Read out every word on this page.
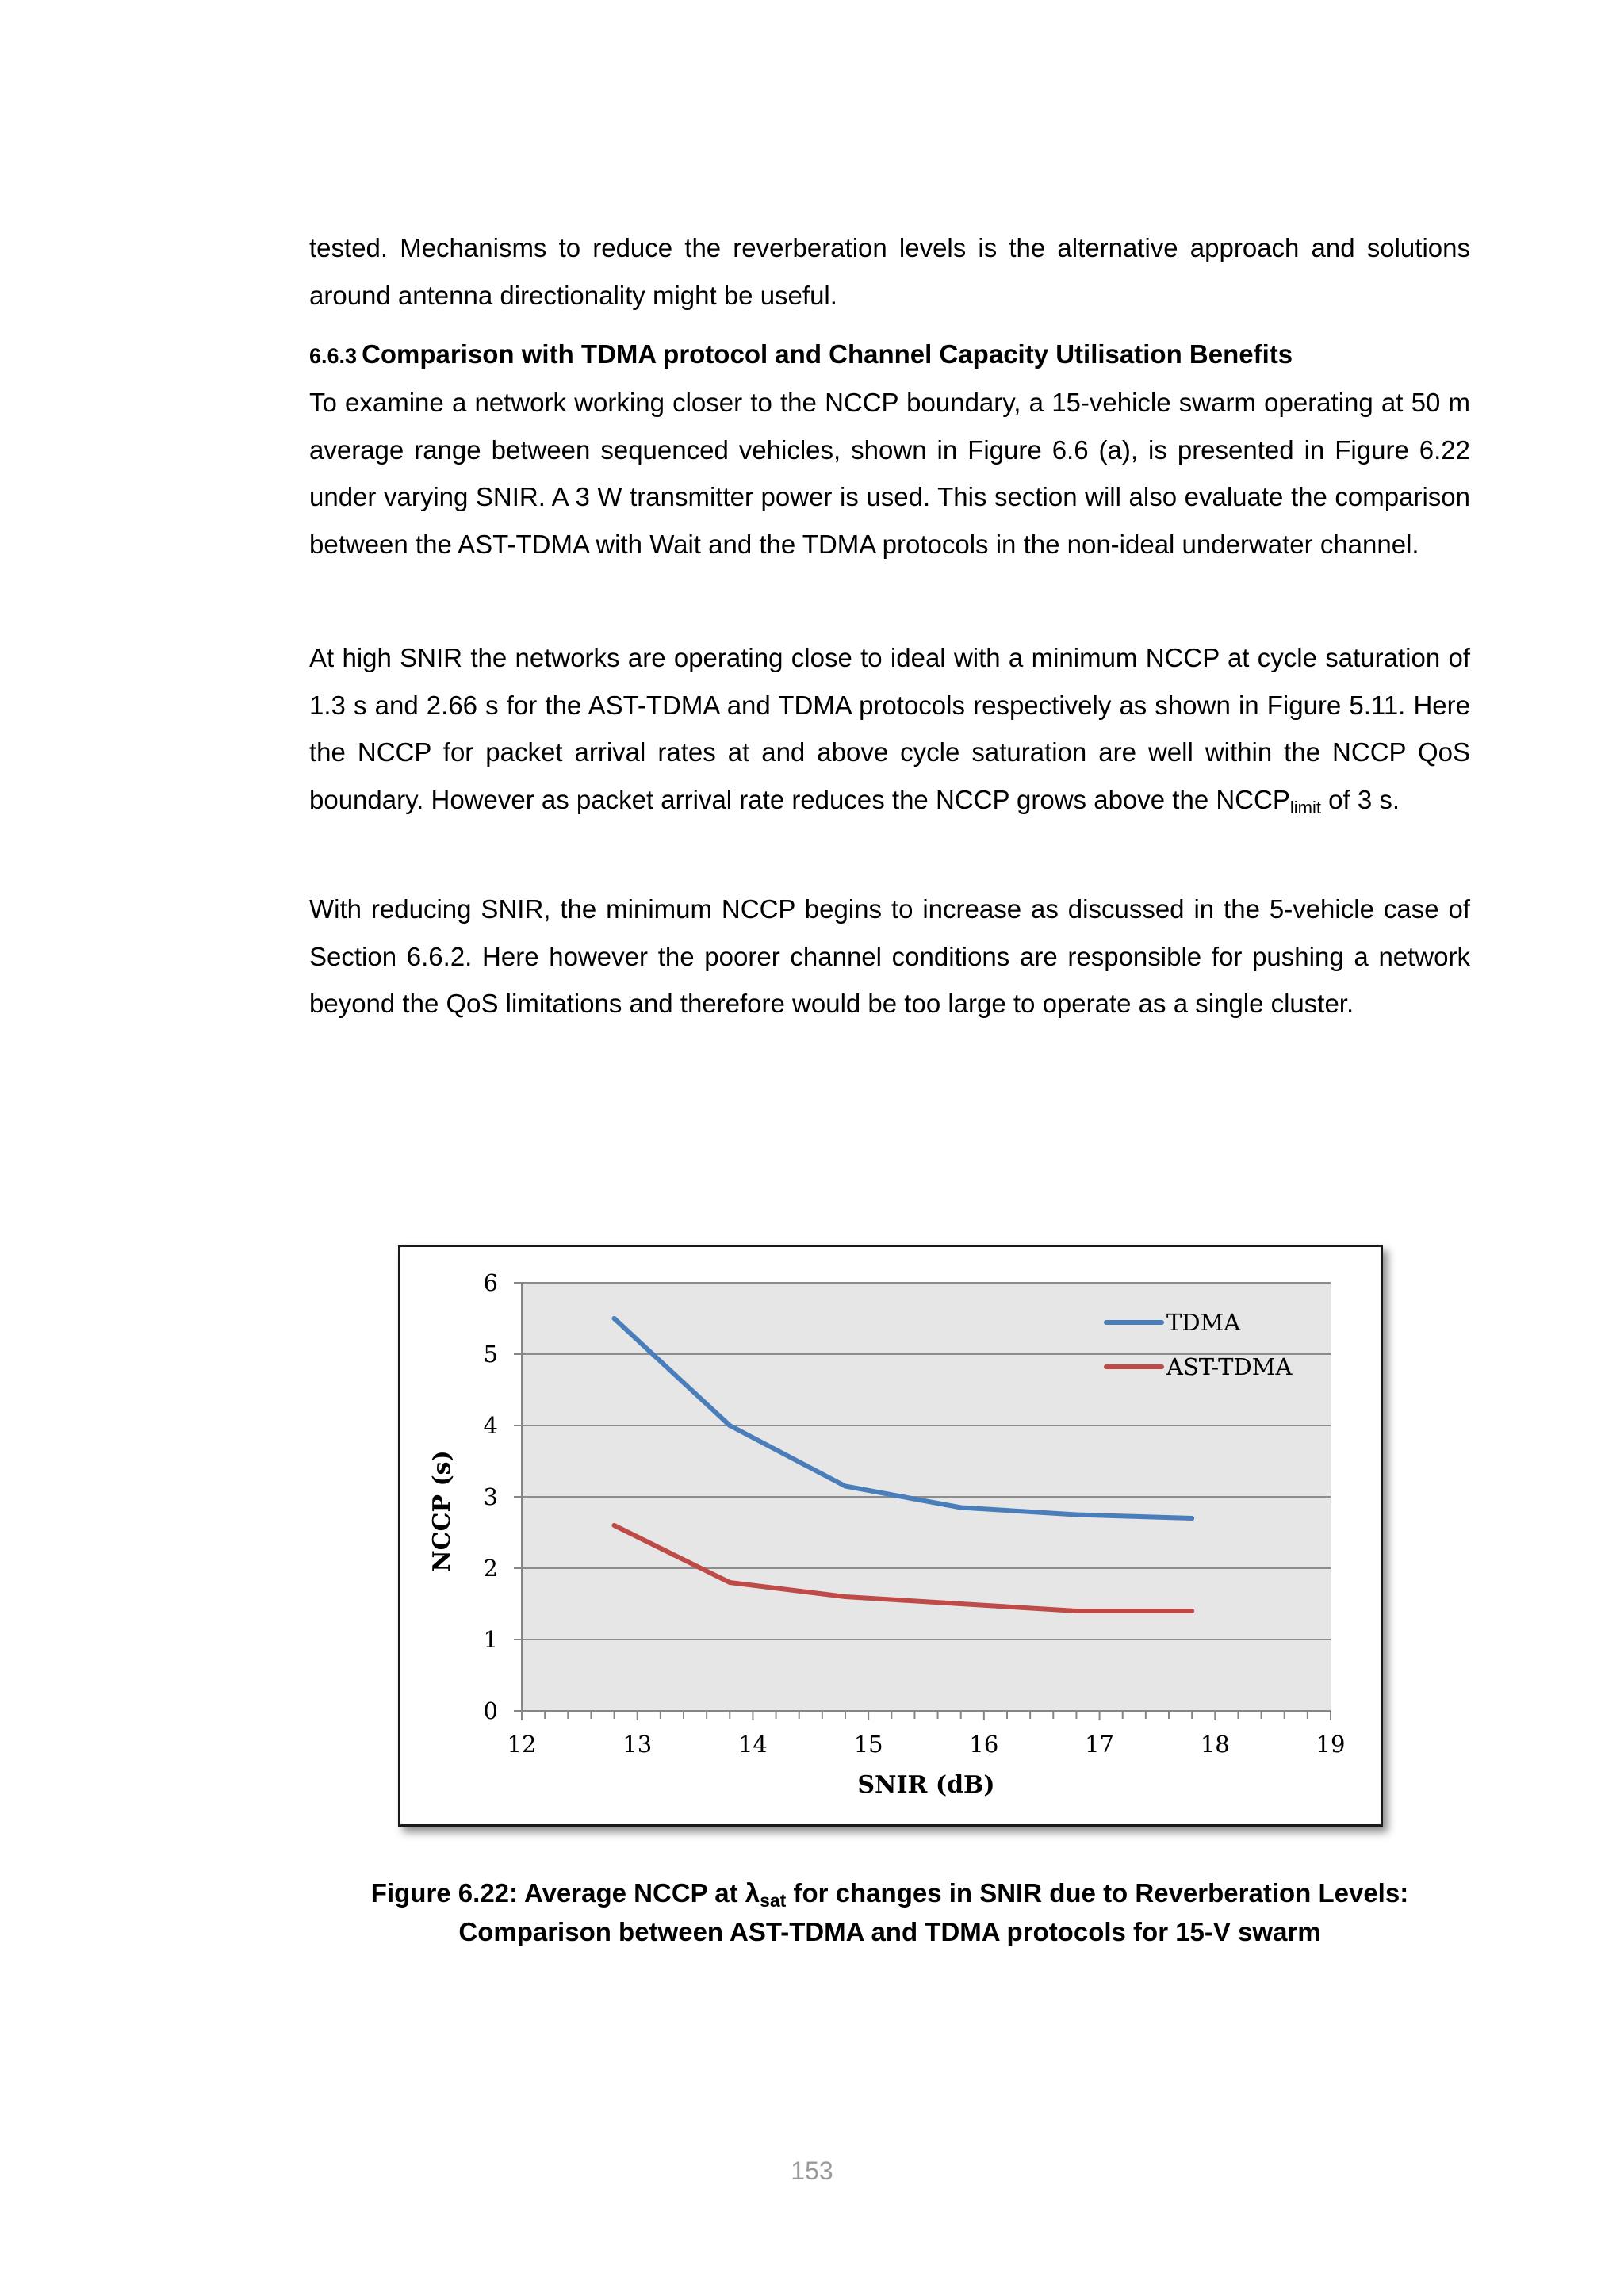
tested. Mechanisms to reduce the reverberation levels is the alternative approach and solutions

around antenna directionality might be useful.

6.6.3 Comparison with TDMA protocol and Channel Capacity Utilisation Benefits

To examine a network working closer to the NCCP boundary, a 15-vehicle swarm operating at 50 m average range between sequenced vehicles, shown in Figure 6.6 (a), is presented in Figure 6.22 under varying SNIR. A 3 W transmitter power is used. This section will also evaluate the comparison between the AST-TDMA with Wait and the TDMA protocols in the non-ideal underwater channel.

At high SNIR the networks are operating close to ideal with a minimum NCCP at cycle saturation of 1.3 s and 2.66 s for the AST-TDMA and TDMA protocols respectively as shown in Figure 5.11. Here the NCCP for packet arrival rates at and above cycle saturation are well within the NCCP QoS boundary. However as packet arrival rate reduces the NCCP grows above the $NCCP_{limit}$ of 3 s.

With reducing SNIR, the minimum NCCP begins to increase as discussed in the 5-vehicle case of Section 6.6.2. Here however the poorer channel conditions are responsible for pushing a network beyond the QoS limitations and therefore would be too large to operate as a single cluster.

0
1
2
3
4
5
6
12	13	14	15	16	17	18	19
SNIR (dB)
NCCP (s)
TDMA
AST-TDMA
Figure 6.22: Average NCCP at $\lambda_{sat}$ for changes in SNIR due to Reverberation Levels:
Comparison between AST-TDMA and TDMA protocols for 15-V swarm
153
